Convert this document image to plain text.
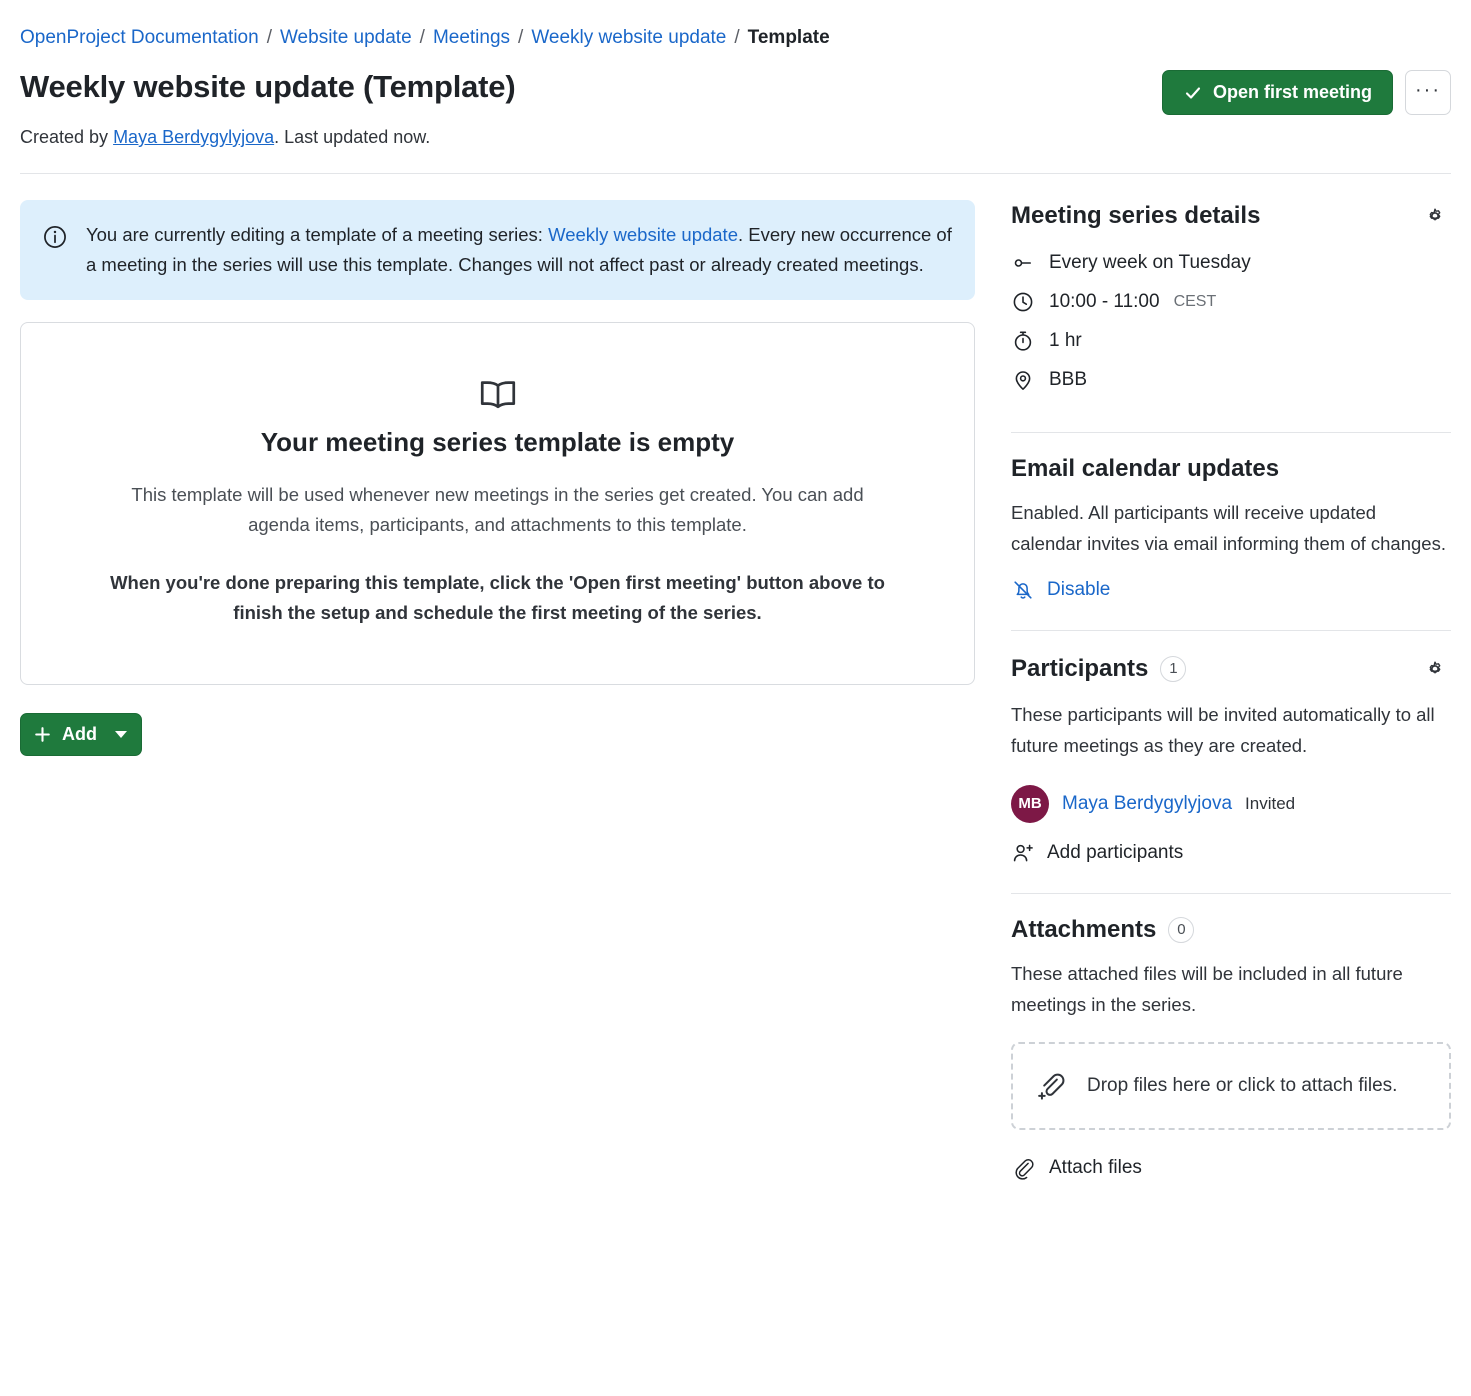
OpenProject Documentation / Website update / Meetings / Weekly website update / Template
Weekly website update (Template)	Open first meeting ···
Created by Maya Berdygylyjova. Last updated now.
You are currently editing a template of a meeting series: Weekly website update. Every new occurrence of a meeting in the series will use this template. Changes will not affect past or already created meetings.
Your meeting series template is empty

This template will be used whenever new meetings in the series get created. You can add agenda items, participants, and attachments to this template.

When you're done preparing this template, click the 'Open first meeting' button above to finish the setup and schedule the first meeting of the series.

Add
Meeting series details
Every week on Tuesday
10:00 - 11:00 CEST
1 hr
BBB
Email calendar updates

Enabled. All participants will receive updated calendar invites via email informing them of changes.

Disable
Participants	1

These participants will be invited automatically to all future meetings as they are created.

MB	Maya Berdygylyjova Invited
Add participants
Attachments	0

These attached files will be included in all future meetings in the series.

Drop files here or click to attach files.
Attach files
